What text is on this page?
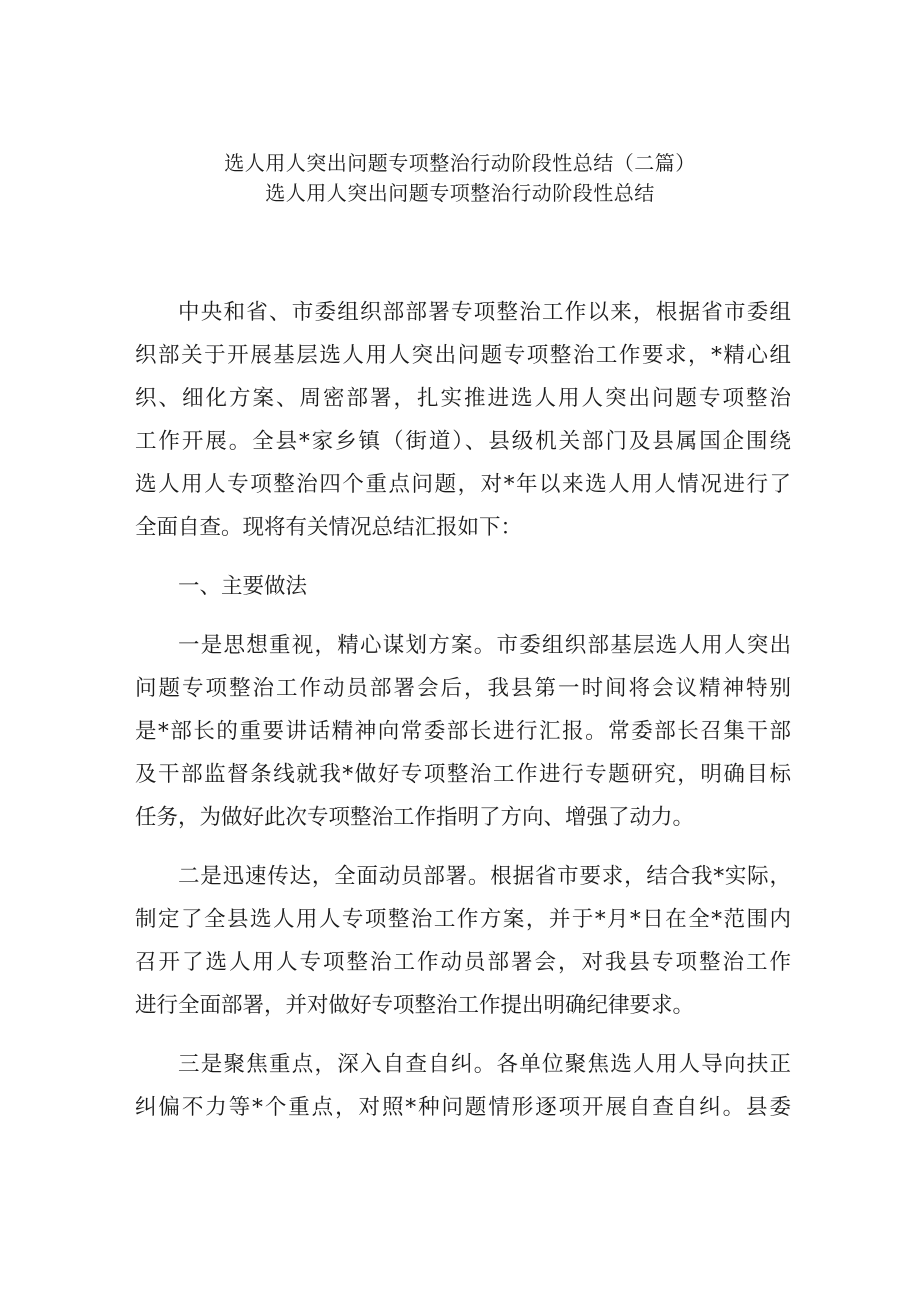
选人用人突出问题专项整治行动阶段性总结（二篇）
选人用人突出问题专项整治行动阶段性总结
中央和省、市委组织部部署专项整治工作以来，根据省市委组
织部关于开展基层选人用人突出问题专项整治工作要求，*精心组
织、细化方案、周密部署，扎实推进选人用人突出问题专项整治
工作开展。全县*家乡镇（街道）、县级机关部门及县属国企围绕
选人用人专项整治四个重点问题，对*年以来选人用人情况进行了
全面自查。现将有关情况总结汇报如下：
一、主要做法
一是思想重视，精心谋划方案。市委组织部基层选人用人突出
问题专项整治工作动员部署会后，我县第一时间将会议精神特别
是*部长的重要讲话精神向常委部长进行汇报。常委部长召集干部
及干部监督条线就我*做好专项整治工作进行专题研究，明确目标
任务，为做好此次专项整治工作指明了方向、增强了动力。
二是迅速传达，全面动员部署。根据省市要求，结合我*实际，
制定了全县选人用人专项整治工作方案，并于*月*日在全*范围内
召开了选人用人专项整治工作动员部署会，对我县专项整治工作
进行全面部署，并对做好专项整治工作提出明确纪律要求。
三是聚焦重点，深入自查自纠。各单位聚焦选人用人导向扶正
纠偏不力等*个重点，对照*种问题情形逐项开展自查自纠。县委
